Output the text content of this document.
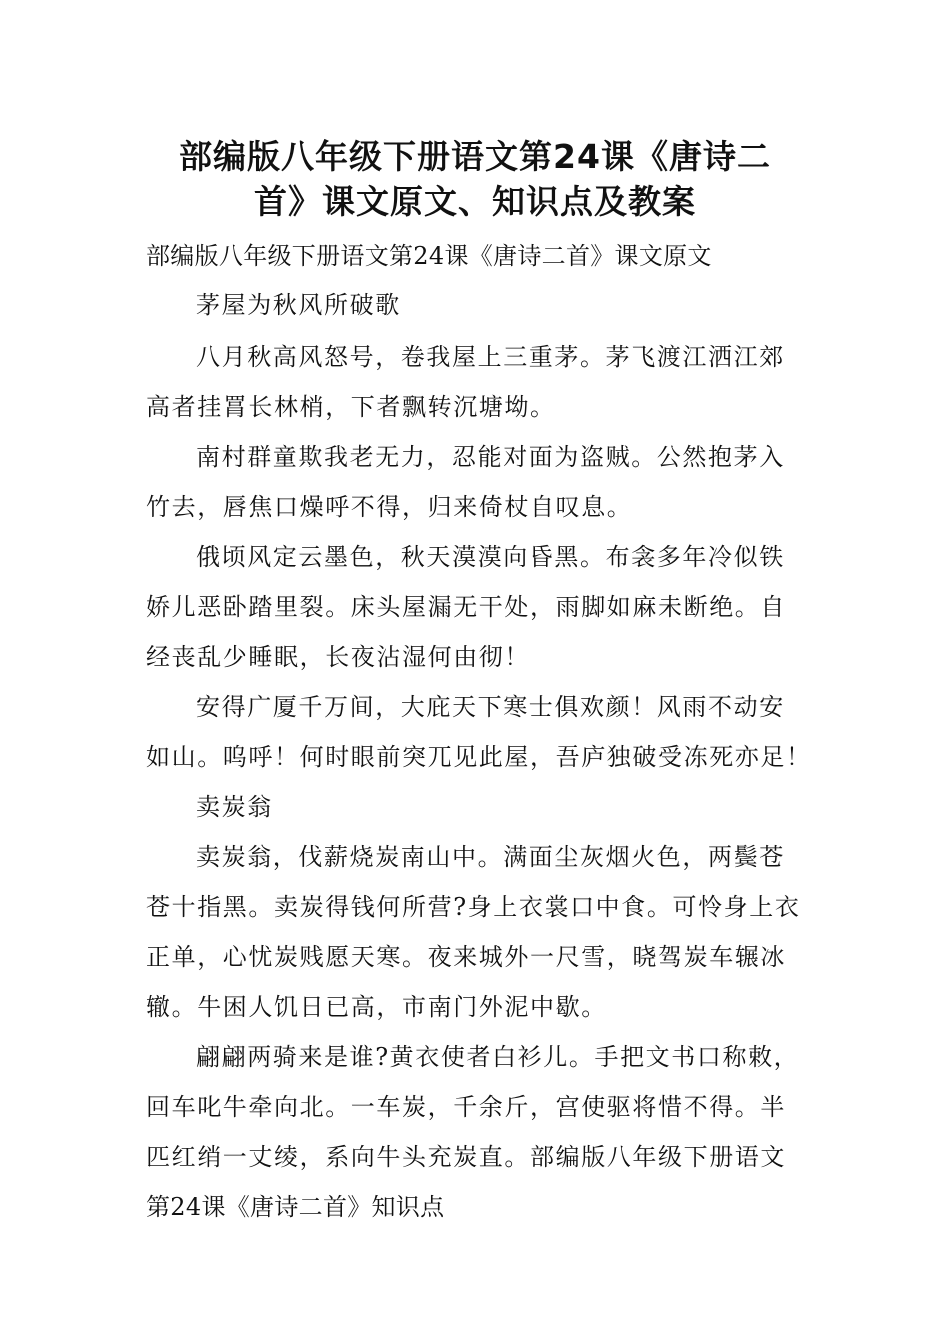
部编版八年级下册语文第24课《唐诗二
首》课文原文、知识点及教案
部编版八年级下册语文第24课《唐诗二首》课文原文
茅屋为秋风所破歌
八月秋高风怒号，卷我屋上三重茅。茅飞渡江洒江郊
高者挂罥长林梢，下者飘转沉塘坳。
南村群童欺我老无力，忍能对面为盗贼。公然抱茅入
竹去，唇焦口燥呼不得，归来倚杖自叹息。
俄顷风定云墨色，秋天漠漠向昏黑。布衾多年冷似铁
娇儿恶卧踏里裂。床头屋漏无干处，雨脚如麻未断绝。自
经丧乱少睡眠，长夜沾湿何由彻！
安得广厦千万间，大庇天下寒士俱欢颜！风雨不动安
如山。呜呼！何时眼前突兀见此屋，吾庐独破受冻死亦足！
卖炭翁
卖炭翁，伐薪烧炭南山中。满面尘灰烟火色，两鬓苍
苍十指黑。卖炭得钱何所营?身上衣裳口中食。可怜身上衣
正单，心忧炭贱愿天寒。夜来城外一尺雪，晓驾炭车辗冰
辙。牛困人饥日已高，市南门外泥中歇。
翩翩两骑来是谁?黄衣使者白衫儿。手把文书口称敕，
回车叱牛牵向北。一车炭，千余斤，宫使驱将惜不得。半
匹红绡一丈绫，系向牛头充炭直。部编版八年级下册语文
第24课《唐诗二首》知识点
